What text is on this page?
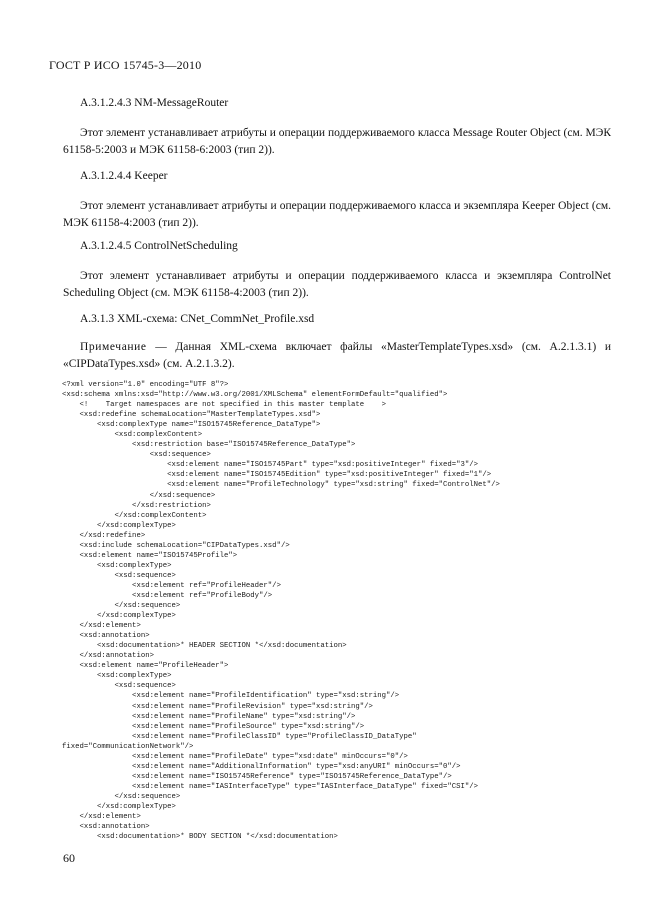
ГОСТ Р ИСО 15745-3—2010
А.3.1.2.4.3 NM-MessageRouter
Этот элемент устанавливает атрибуты и операции поддерживаемого класса Message Router Object (см. МЭК 61158-5:2003 и МЭК 61158-6:2003 (тип 2)).
А.3.1.2.4.4 Keeper
Этот элемент устанавливает атрибуты и операции поддерживаемого класса и экземпляра Keeper Object (см. МЭК 61158-4:2003 (тип 2)).
А.3.1.2.4.5 ControlNetScheduling
Этот элемент устанавливает атрибуты и операции поддерживаемого класса и экземпляра ControlNet Scheduling Object (см. МЭК 61158-4:2003 (тип 2)).
А.3.1.3 XML-схема: CNet_CommNet_Profile.xsd
Примечание — Данная XML-схема включает файлы «MasterTemplateTypes.xsd» (см. А.2.1.3.1) и «CIPDataTypes.xsd» (см. А.2.1.3.2).
<?xml version="1.0" encoding="UTF 8"?>
<xsd:schema xmlns:xsd="http://www.w3.org/2001/XMLSchema" elementFormDefault="qualified">
<!    Target namespaces are not specified in this master template    >
<xsd:redefine schemaLocation="MasterTemplateTypes.xsd">
<xsd:complexType name="ISO15745Reference_DataType">
<xsd:complexContent>
<xsd:restriction base="ISO15745Reference_DataType">
<xsd:sequence>
<xsd:element name="ISO15745Part" type="xsd:positiveInteger" fixed="3"/>
<xsd:element name="ISO15745Edition" type="xsd:positiveInteger" fixed="1"/>
<xsd:element name="ProfileTechnology" type="xsd:string" fixed="ControlNet"/>
</xsd:sequence>
</xsd:restriction>
</xsd:complexContent>
</xsd:complexType>
</xsd:redefine>
<xsd:include schemaLocation="CIPDataTypes.xsd"/>
<xsd:element name="ISO15745Profile">
<xsd:complexType>
<xsd:sequence>
<xsd:element ref="ProfileHeader"/>
<xsd:element ref="ProfileBody"/>
</xsd:sequence>
</xsd:complexType>
</xsd:element>
<xsd:annotation>
<xsd:documentation>* HEADER SECTION *</xsd:documentation>
</xsd:annotation>
<xsd:element name="ProfileHeader">
<xsd:complexType>
<xsd:sequence>
<xsd:element name="ProfileIdentification" type="xsd:string"/>
<xsd:element name="ProfileRevision" type="xsd:string"/>
<xsd:element name="ProfileName" type="xsd:string"/>
<xsd:element name="ProfileSource" type="xsd:string"/>
<xsd:element name="ProfileClassID" type="ProfileClassID_DataType"
fixed="CommunicationNetwork"/>
<xsd:element name="ProfileDate" type="xsd:date" minOccurs="0"/>
<xsd:element name="AdditionalInformation" type="xsd:anyURI" minOccurs="0"/>
<xsd:element name="ISO15745Reference" type="ISO15745Reference_DataType"/>
<xsd:element name="IASInterfaceType" type="IASInterface_DataType" fixed="CSI"/>
</xsd:sequence>
</xsd:complexType>
</xsd:element>
<xsd:annotation>
<xsd:documentation>* BODY SECTION *</xsd:documentation>
60
